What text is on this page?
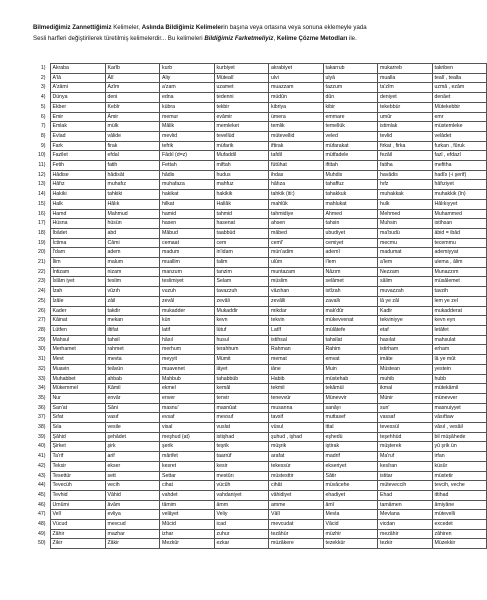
Bilmediğimiz Zannettiğimiz Kelimeler, Aslında Bildiğimiz Kelimelerin başına veya ortasına veya sonuna eklemeyle yada
Sesli harfleri değiştirilerek türetilmiş kelimelerdir... Bu kelimeleri Bildiğimiz Farketmeliyiz, Kelime Çözme Metodları ile.
1)	Akraba	Karîb	kurb	kurbiyet	akrabiyet	takarrub	mukarreb	takriben
2)	A'lâ	Âlî	Aliy	Mütealî	ulvi	ulyâ	mualla	tealî , tealla
3)	A'zâmi	Azîm	a'zam	uzamet	muazzam	tazzum	ta'zîm	uzmâ , ezâm
4)	Dünya	deni	edna	tedenni	müdûn	dûn	deniyet	denâet
5)	Ekber	Kebîr	kübra	tekbir	kibriya	kibir	tekebbür	Mütekebbir
6)	Emir	Âmir	memur	evâmir	ümera	emmare	umûr	emr
7)	Emlak	mülk	Mâlik	memleket	temlik	temellük	istimlak	müstemleke
8)	Evlad	vâlide	mevlid	tevellüd	mütevellid	veled	tevlid	velâdet
9)	Fark	firak	tefrik	müfarik	iftirak	müfarakat	firkat , firka	furkan , fûruk
10)	Fazilet	efdal	Fâdıl (d=z)	Mufaddil	tafdil	mütfadele	fezâil	fazl , efdazl
11)	Fetih	fatih	Fettah	miftah	fütûhat	iftitah	fatiha	mefitha
12)	Hâdise	hâdisât	hâdis	hudus	ihdas	Muhdis	havâdis	hadîs (-i şerif)
13)	Hâfız	muhafız	muhafaza	mahfuz	hâfıza	tahaffuz	hıfz	hâfıziyet
14)	Hakiki	tahkiki	hakikat	hakikik	tahkik (iti:)	tahakkuk	muhakkak	muhakkik (în)
15)	Halk	Hâlık	hilkat	Hallâk	mahlûk	mahlukat	hulk	Hâlıkıyyet
16)	Hamd	Mahmud	hamid	tahmid	tahmidiye	Ahmed	Mehmed	Muhammed
17)	Hüsna	hüsün	hasen	hasenat	ahsen	tahsin	Muhsin	istihsan
18)	İbâdet	abd	Mâbud	taabbüd	mâbed	ubudiyet	ma'budü	ābid = ibâd
19)	İctima	Câmi	cemaat	cem	cemî'	cemiyet	mecmu	tecemmu
20)	İ'dam	adem	madum	in'idam	mün'adim	ademî	madumat	ademiyyat
21)	İlim	malum	muallim	talim	ulûm	i'lem	a'lem	ulema , âlim
22)	İntizam	nizam	manzum	tanzim	muntazam	Nâzım	Nezzam	Munazzım
23)	İslâm iyet	teslim	teslimiyet	Selam	müslim	selâmet	sâlim	müsâlemet
24)	İzah	vûzıh	vuzuh	tavazzuh	vâzıhan	istîzah	muvazzah	tavzih
25)	İzâle	zâil	zevâl	zevâli	zevâlli	zavallı	lâ ye zâl	lem ye zel
26)	Kader	takdir	mukadder	Mukaddir	mikdar	mak'dûr	Kadir	mukadderat
27)	Kâinat	mekan	kün	kevn	tekvin	mükevvenat	tekviniyye	kevn eyn
28)	Lütfen	iltifat	latif	lütuf	Latîf	mülâtefe	etaf	letâfet
29)	Mahsul	tahsil	hâsıl	husul	istihsal	tahsilat	hasılat	mahsulat
30)	Merhamet	rahmet	merhum	terahhum	Rahman	Rahim	istirham	erham
31)	Mevt	mevta	meyyit	Mümit	memat	emvat	imâte	lâ ye mût
32)	Muavin	teâvün	muavenet	iâyet	iâne	Muin	Müstean	yestein
33)	Muhabbet	ahbab	Mahbub	tahabbüb	Habib	müstehab	muhib	hubb
34)	Mükemmel	Kâmil	ekmel	kemâl	tekmil	tekâmül	ikmal	mütekâmil
35)	Nur	envâr	enver	tenvir	tenevvür	Münevvir	Münir	münevver
36)	San'at	Sâni	masnu'	masnûat	musanna	sanâyı	sun'	masnuiyyet
37)	Sıfat	vasıf	evsaf	mevsuf	tavsif	muttasef	vassaf	vâsıftaw
38)	Sıla	vesile	visal	vuslat	vüsul	ittal	tevessül	vâsıl , vesâil
39)	Şâhid	şehâdet	meşhud (at)	istişhad	şuhud , işhad	eşhedü	teşehhüd	bil müşâhede
40)	Şirket	şirk	şerik	teşrik	müşrik	iştirak	müşterek	yû şrik ün
41)	Ta'rif	arif	mârifet	taarrüf	arafat	madrif	Ma'ruf	irfan
42)	Teksir	ekser	kesret	kesir	tekessür	ekseriyet	kesîran	küsûr
43)	Tesettür	sett	Settar	mestûrı	müstesttir	Sâtir	istitar	müstetir
44)	Tevecüh	vecih	cihat	vücûh	cihât	müvâcehe	müteveccih	tevcih, veche
45)	Tevhid	Vâhid	vahdet	vahdaniyet	vâhidiyet	ehadiyet	Ehad	ittihad
46)	Umûmi	âvâm	tâmim	âmm	amme	âmî	tamâmen	âmiyâne
47)	Velî	evliya	velâyet	Veliy	Vâlî	Mevla	Mevlana	mütevelli
48)	Vücud	mevcud	Mûcid	icad	mevcudat	Vâcid	vicdan	excedet
49)	Zâhir	mazhar	izhar	zuhur	tezâhür	müzhir	mezâhir	zâhiren
50)	Zikir	Zâkir	Mezkûr	ezkar	müzâkere	tezekkür	tezkir	Müzekkir
